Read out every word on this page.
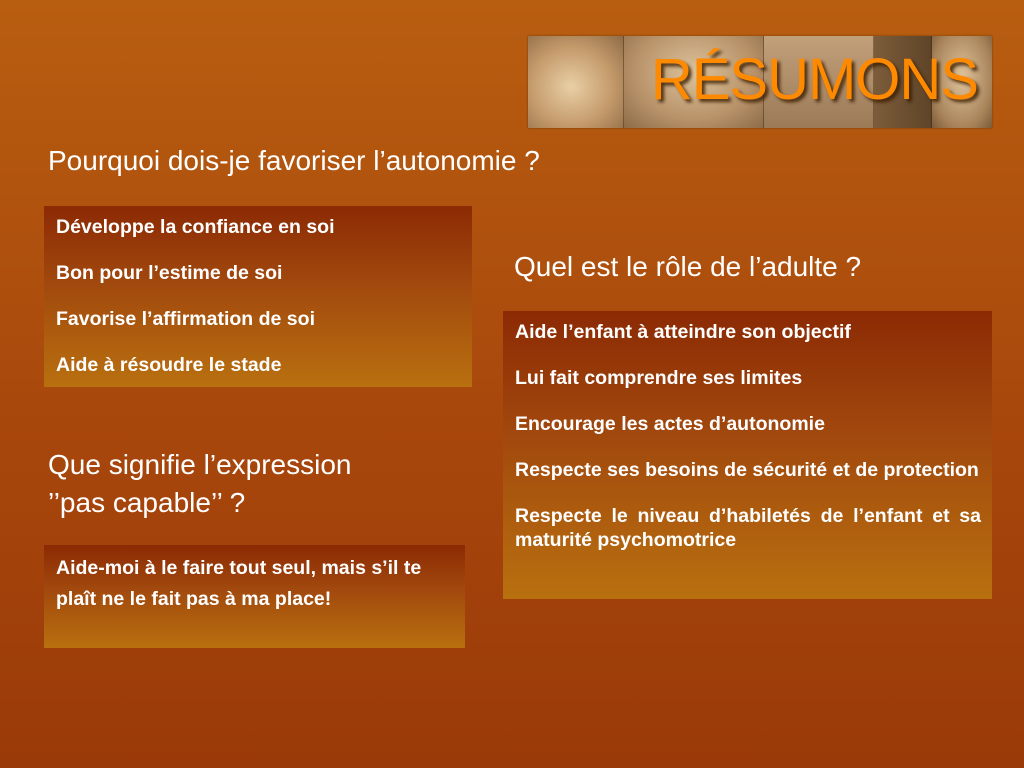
RÉSUMONS
Pourquoi dois-je favoriser l’autonomie ?
Développe la confiance en soi
Bon pour l’estime de soi
Favorise l’affirmation de soi
Aide à résoudre le stade
Quel est le rôle de l’adulte ?
Aide l’enfant à atteindre son objectif
Lui fait comprendre ses limites
Encourage les actes d’autonomie
Respecte ses besoins de sécurité et de protection
Respecte le niveau d’habiletés de l’enfant et sa maturité psychomotrice
Que signifie l’expression
’’pas capable’’ ?

Aide-moi à le faire tout seul, mais s’il te plaît ne le fait pas à ma place!
